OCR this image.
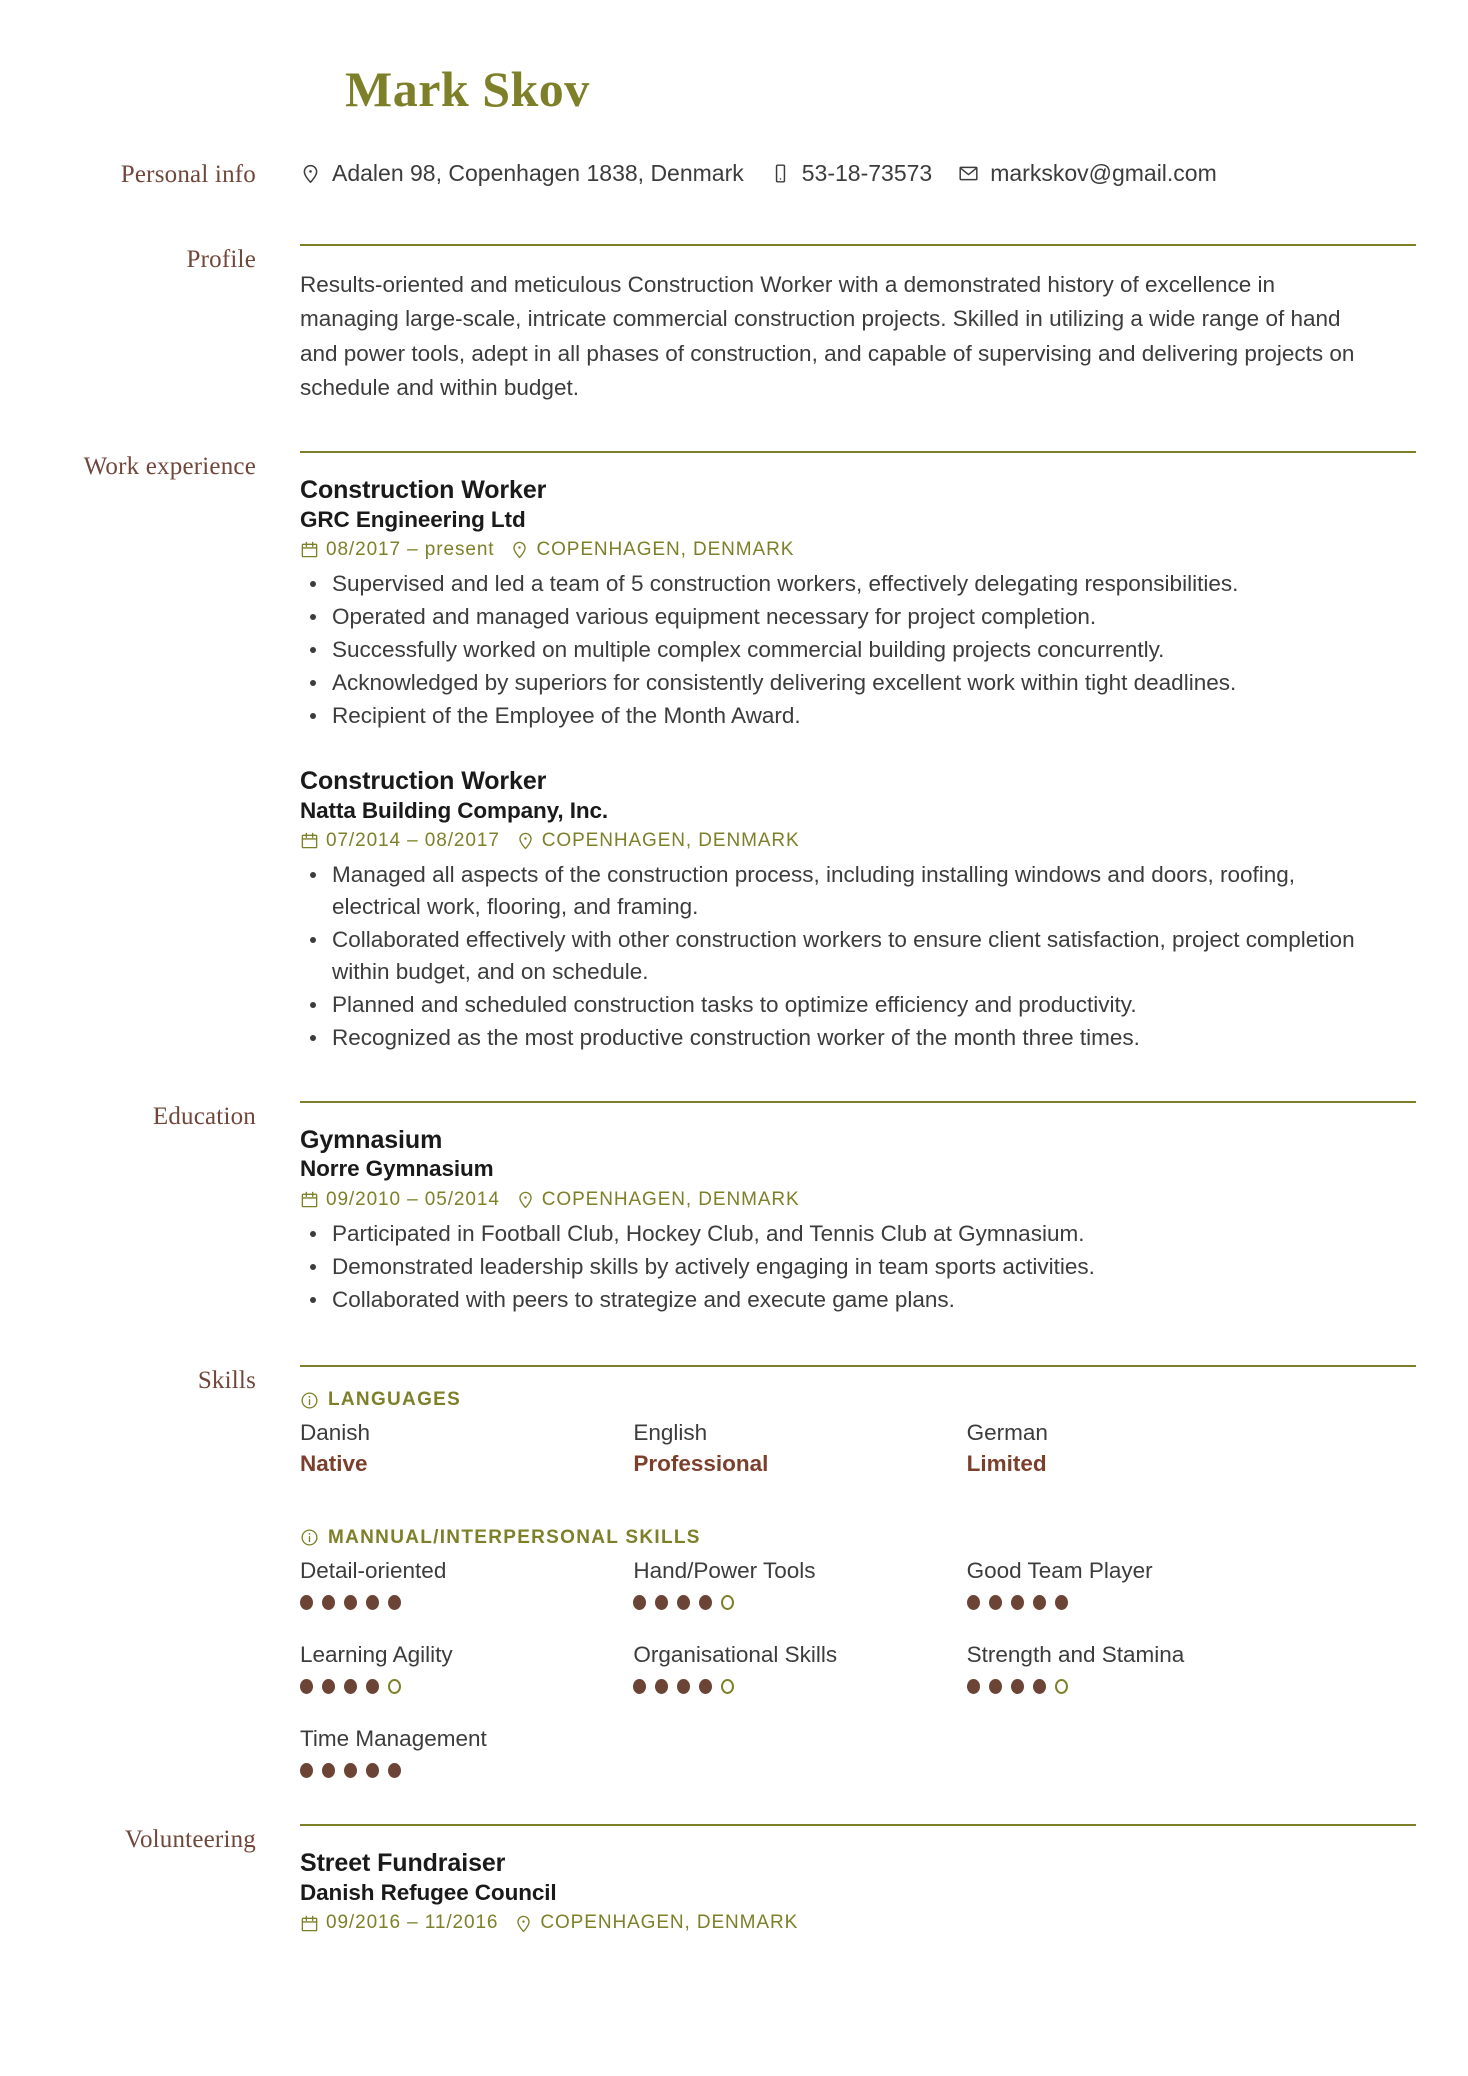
Mark Skov
Personal info	Adalen 98, Copenhagen 1838, Denmark	53-18-73573	markskov@gmail.com
Profile
Results-oriented and meticulous Construction Worker with a demonstrated history of excellence in managing large-scale, intricate commercial construction projects. Skilled in utilizing a wide range of hand and power tools, adept in all phases of construction, and capable of supervising and delivering projects on schedule and within budget.
Work experience
Construction Worker
GRC Engineering Ltd
08/2017 – present COPENHAGEN, DENMARK
Supervised and led a team of 5 construction workers, effectively delegating responsibilities.
Operated and managed various equipment necessary for project completion.
Successfully worked on multiple complex commercial building projects concurrently.
Acknowledged by superiors for consistently delivering excellent work within tight deadlines.
Recipient of the Employee of the Month Award.
Construction Worker
Natta Building Company, Inc.
07/2014 – 08/2017 COPENHAGEN, DENMARK
Managed all aspects of the construction process, including installing windows and doors, roofing, electrical work, flooring, and framing.
Collaborated effectively with other construction workers to ensure client satisfaction, project completion within budget, and on schedule.
Planned and scheduled construction tasks to optimize efficiency and productivity.
Recognized as the most productive construction worker of the month three times.
Education
Gymnasium
Norre Gymnasium
09/2010 – 05/2014 COPENHAGEN, DENMARK
Participated in Football Club, Hockey Club, and Tennis Club at Gymnasium.
Demonstrated leadership skills by actively engaging in team sports activities.
Collaborated with peers to strategize and execute game plans.
Skills
LANGUAGES
Danish
Native
English
Professional
German
Limited
MANNUAL/INTERPERSONAL SKILLS
Detail-oriented	Hand/Power Tools	Good Team Player
Learning Agility	Organisational Skills	Strength and Stamina
Time Management
Volunteering
Street Fundraiser
Danish Refugee Council
09/2016 – 11/2016 COPENHAGEN, DENMARK
